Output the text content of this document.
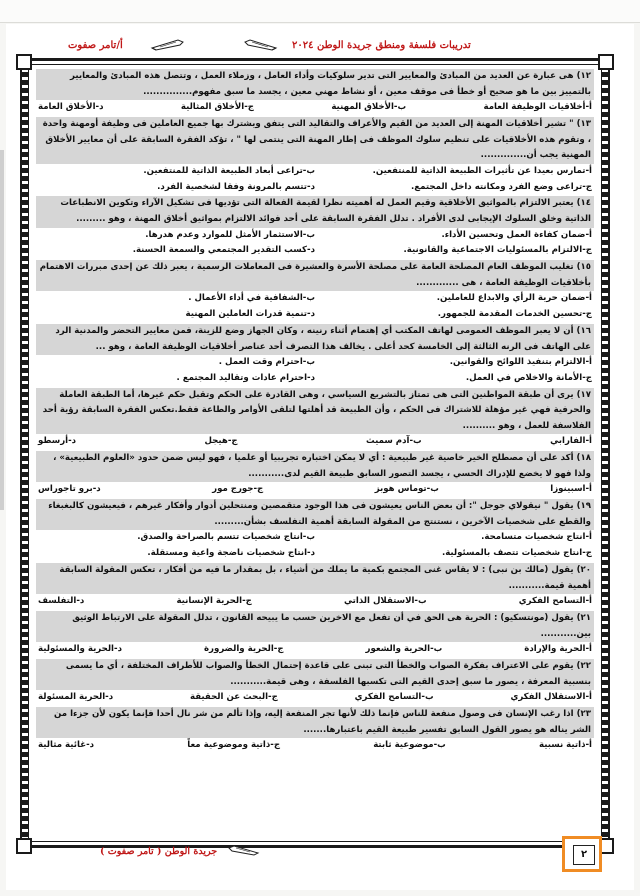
أ/تامر صفوت	تدريبات فلسفة ومنطق جريدة الوطن ٢٠٢٤
١٢) هى عبارة عن العديد من المبادئ والمعايير التى تدير سلوكيات وأداء العامل ، وزملاء العمل ، وتتصل هذه المبادئ والمعايير بالتمييز بين ما هو صحيح أو خطأ فى موقف معين ، أو نشاط مهني معين ، يجسد ما سبق مفهوم...............
أ-أخلاقيات الوظيفة العامة
ب-الأخلاق المهنية
ج-الأخلاق المثالية
د-الأخلاق العامة
١٣) " تشير أخلاقيات المهنة إلى العديد من القيم والأعراف والتقاليد التى يتفق ويشترك بها جميع العاملين فى وظيفة أومهنة واحدة ، وتقوم هذه الأخلاقيات على تنظيم سلوك الموظف فى إطار المهنة التى ينتمى لها " ، تؤكد الفقرة السابقة على أن معايير الأخلاق المهنية يجب أن..............
أ-تمارس بعيدا عن تأثيرات الطبيعة الذاتية للمنتفعين.
ب-تراعى أبعاد الطبيعة الذاتية للمنتفعين.
ج-تراعى وضع الفرد ومكانته داخل المجتمع.
د-تتسم بالمرونة وفقا لشخصية الفرد.
١٤) يعتبر الالتزام بالمواثيق الأخلاقية وقيم العمل له أهميته نظرا لقيمة الفعالة التى تؤديها فى تشكيل الآراء وتكوين الانطباعات الذاتية وخلق السلوك الإيجابى لدى الأفراد . تدلل الفقرة السابقة على أحد فوائد الالتزام بمواثيق أخلاق المهنة ، وهو .........
أ-ضمان كفاءة العمل وتحسين الأداء.
ب-الاستثمار الأمثل للموارد وعدم هدرها.
ج-الالتزام بالمسئوليات الاجتماعية والقانونية.
د-كسب التقدير المجتمعي والسمعة الحسنة.
١٥) تغليب الموظف العام المصلحة العامة على مصلحة الأسرة والعشيرة فى المعاملات الرسمية ، يعبر ذلك عن إحدى مبررات الاهتمام بأخلاقيات الوظيفة العامة ، هى .............
أ-ضمان حرية الرأي والابداع للعاملين.
ب-الشفافية في أداء الأعمال .
ج-تحسين الخدمات المقدمة للجمهور.
د-تنمية قدرات العاملين المهنية
١٦) أن لا يعبر الموظف العمومى لهاتف المكتب أي إهتمام أثناء رنينه ، وكان الجهاز وضع للزينة، فمن معايير التحضر والمدنية الرد على الهاتف فى الرنه الثالثة إلى الخامسة كحد أعلى . يخالف هذا التصرف أحد عناصر أخلاقيات الوظيفة العامة ، وهو ...
أ-الالتزام بتنفيذ اللوائح والقوانين.
ب-احترام وقت العمل .
ج-الأمانة والاخلاص في العمل.
د-احترام عادات وتقاليد المجتمع .
١٧) يرى أن طبقة المواطنين التى هى تمتاز بالتشريع السياسي ، وهى القادرة على الحكم وتقبل حكم غيرها، أما الطبقة العاملة والحرفية فهي غير مؤهلة للاشتراك فى الحكم ، وأن الطبيعة قد أهلتها لتلقى الأوامر والطاعة فقط.تعكس الفقرة السابقة رؤية أحد الفلاسفة للعمل ، وهو ..........
أ-الفارابي
ب-آدم سميث
ج-هيجل
د-أرسطو
١٨) أكد على أن مصطلح الخير خاصية غير طبيعية : أي لا يمكن اختباره تجريبيا أو علميا ، فهو ليس ضمن حدود «العلوم الطبيعية» ، ولذا فهو لا يخضع للإدراك الحسي ، يجسد التصور السابق طبيعة القيم لدى...........
أ-اسبينوزا
ب-توماس هوبز
ج-جورج مور
د-برو تاجوراس
١٩) يقول " نيقولاي جوجل ": أن بعض الناس يعيشون فى هذا الوجود متقمصين ومنتحلين أدوار وأفكار غيرهم ، فيعيشون كالبغبغاء والقطع على شخصيات الآخرين ، نستنتج من المقولة السابقة أهمية التفلسف بشأن.........
أ-انتاج شخصيات متسامحة.
ب-انتاج شخصيات تتسم بالصراحة والصدق.
ج-انتاج شخصيات تتصف بالمسئولية.
د-انتاج شخصيات ناضجة واعية ومستقلة.
٢٠) يقول (مالك بن نبى) : لا يقاس غنى المجتمع بكمية ما يملك من أشياء ، بل بمقدار ما فيه من أفكار ، تعكس المقولة السابقة أهمية قيمة...........
أ-التسامح الفكري
ب-الاستقلال الذاتي
ج-الحرية الإنسانية
د-التفلسف
٢١) يقول (مونتسكيو) : الحرية هى الحق في أن تفعل مع الاخرين حسب ما يبيحه القانون ، تدلل المقولة على الارتباط الوثيق بين...........
أ-الحرية والإرادة
ب-الحرية والشعور
ج-الحرية والضرورة
د-الحرية والمسئولية
٢٢) يقوم على الاعتراف بفكرة الصواب والخطأ التى تبنى على قاعدة إحتمال الخطأ والصواب للأطراف المختلفة ، أي ما يسمى بنسبية المعرفة ، يصور ما سبق إحدى القيم التى تكسبها الفلسفة ، وهى قيمة...........
أ-الاستقلال الفكري
ب-التسامح الفكري
ج-البحث عن الحقيقة
د-الحرية المسئولة
٢٣) اذا رغب الإنسان فى وصول منفعة للناس فإنما ذلك لأنها تجر المنفعة إليه، وإذا تألم من شر نال أحدا فإنما يكون لأن جزءا من الشر يناله هو يصور القول السابق تفسير طبيعة القيم باعتبارها.......
أ-ذاتية نسبية
ب-موضوعية ثابتة
ج-ذاتية وموضوعية معاً
د-غائية مثالية
جريدة الوطن ( تامر صفوت )	٢
